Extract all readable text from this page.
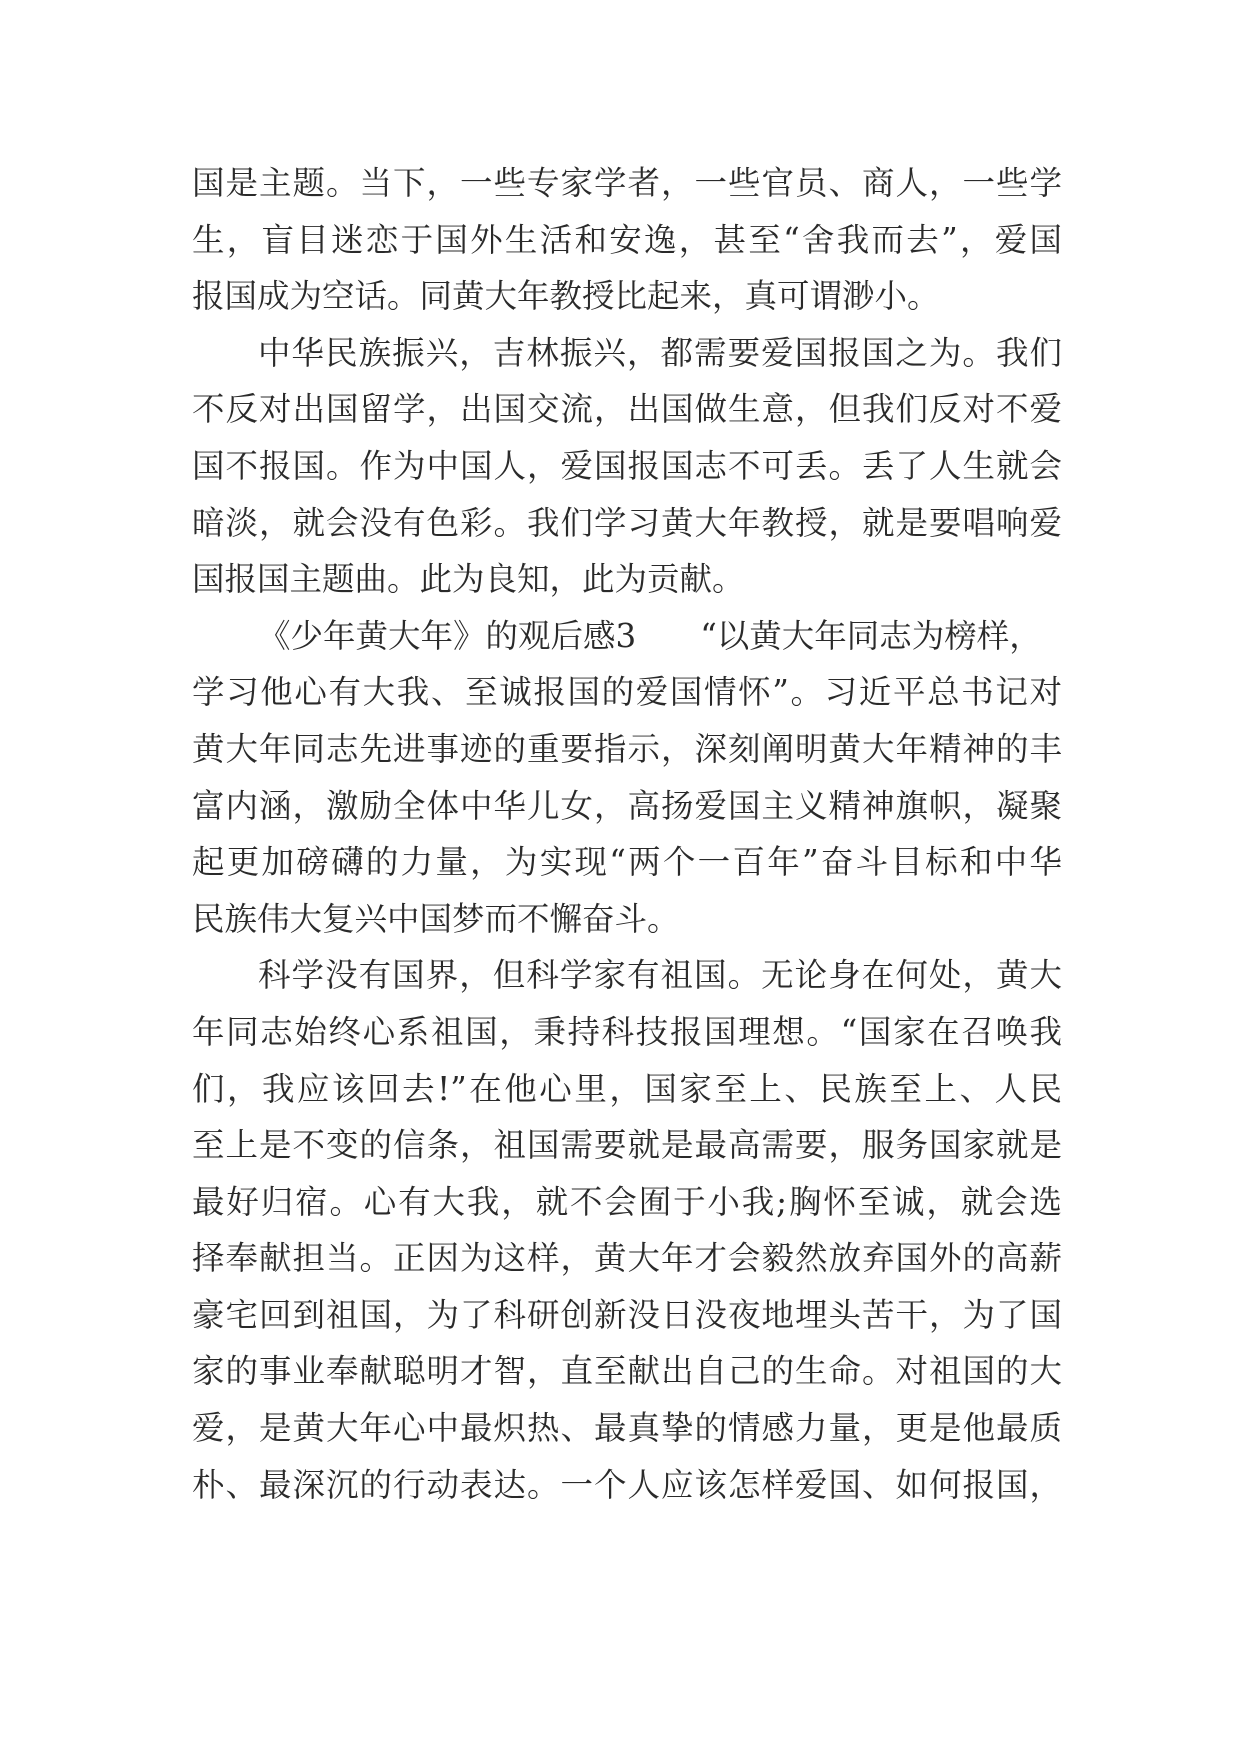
国是主题。当下，一些专家学者，一些官员、商人，一些学
生，盲目迷恋于国外生活和安逸，甚至“舍我而去”，爱国
报国成为空话。同黄大年教授比起来，真可谓渺小。
中华民族振兴，吉林振兴，都需要爱国报国之为。我们
不反对出国留学，出国交流，出国做生意，但我们反对不爱
国不报国。作为中国人，爱国报国志不可丢。丢了人生就会
暗淡，就会没有色彩。我们学习黄大年教授，就是要唱响爱
国报国主题曲。此为良知，此为贡献。
《少年黄大年》的观后感3 “以黄大年同志为榜样，
学习他心有大我、至诚报国的爱国情怀”。习近平总书记对
黄大年同志先进事迹的重要指示，深刻阐明黄大年精神的丰
富内涵，激励全体中华儿女，高扬爱国主义精神旗帜，凝聚
起更加磅礴的力量，为实现“两个一百年”奋斗目标和中华
民族伟大复兴中国梦而不懈奋斗。
科学没有国界，但科学家有祖国。无论身在何处，黄大
年同志始终心系祖国，秉持科技报国理想。“国家在召唤我
们，我应该回去!”在他心里，国家至上、民族至上、人民
至上是不变的信条，祖国需要就是最高需要，服务国家就是
最好归宿。心有大我，就不会囿于小我;胸怀至诚，就会选
择奉献担当。正因为这样，黄大年才会毅然放弃国外的高薪
豪宅回到祖国，为了科研创新没日没夜地埋头苦干，为了国
家的事业奉献聪明才智，直至献出自己的生命。对祖国的大
爱，是黄大年心中最炽热、最真挚的情感力量，更是他最质
朴、最深沉的行动表达。一个人应该怎样爱国、如何报国，
